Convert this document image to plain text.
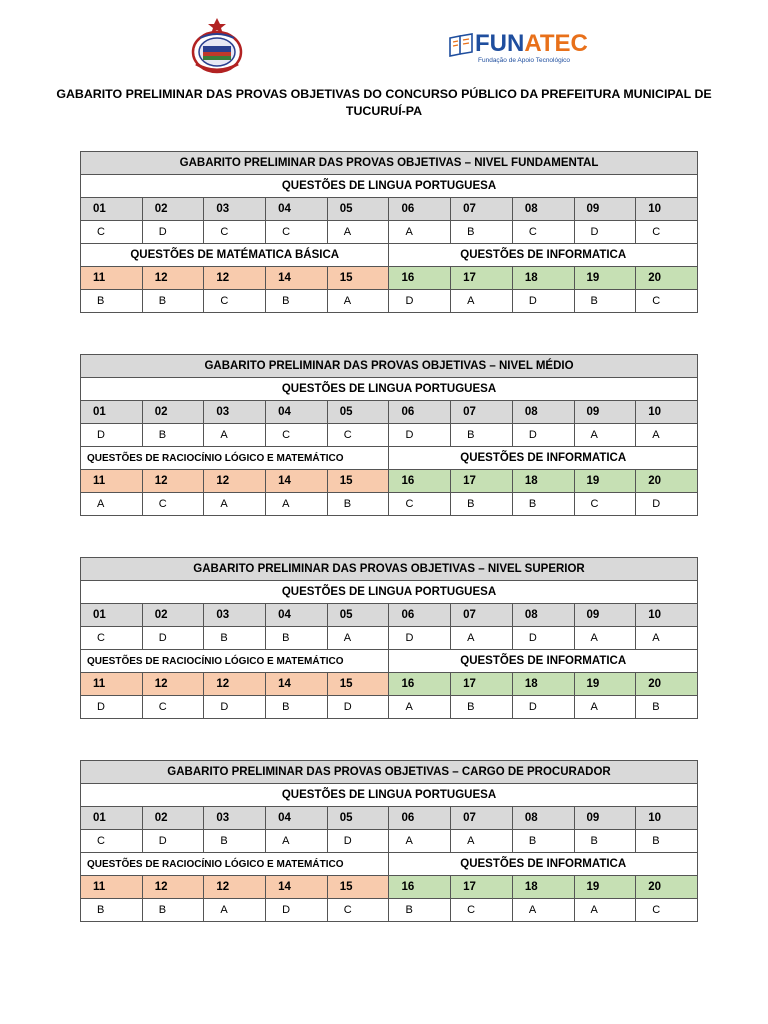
FUNATEC
Fundação de Apoio Tecnológico
GABARITO PRELIMINAR DAS PROVAS OBJETIVAS DO CONCURSO PÚBLICO DA PREFEITURA MUNICIPAL DE
TUCURUÍ-PA
GABARITO PRELIMINAR DAS PROVAS OBJETIVAS – NIVEL FUNDAMENTAL									
QUESTÕES DE LINGUA PORTUGUESA									
01	02	03	04	05	06	07	08	09	10
C	D	C	C	A	A	B	C	D	C
QUESTÕES DE MATÉMATICA BÁSICA					QUESTÕES DE INFORMATICA				
11	12	12	14	15	16	17	18	19	20
B	B	C	B	A	D	A	D	B	C
GABARITO PRELIMINAR DAS PROVAS OBJETIVAS – NIVEL MÉDIO									
QUESTÕES DE LINGUA PORTUGUESA									
01	02	03	04	05	06	07	08	09	10
D	B	A	C	C	D	B	D	A	A
QUESTÕES DE RACIOCÍNIO LÓGICO E MATEMÁTICO					QUESTÕES DE INFORMATICA				
11	12	12	14	15	16	17	18	19	20
A	C	A	A	B	C	B	B	C	D
GABARITO PRELIMINAR DAS PROVAS OBJETIVAS – NIVEL SUPERIOR									
QUESTÕES DE LINGUA PORTUGUESA									
01	02	03	04	05	06	07	08	09	10
C	D	B	B	A	D	A	D	A	A
QUESTÕES DE RACIOCÍNIO LÓGICO E MATEMÁTICO					QUESTÕES DE INFORMATICA				
11	12	12	14	15	16	17	18	19	20
D	C	D	B	D	A	B	D	A	B
GABARITO PRELIMINAR DAS PROVAS OBJETIVAS – CARGO DE PROCURADOR									
QUESTÕES DE LINGUA PORTUGUESA									
01	02	03	04	05	06	07	08	09	10
C	D	B	A	D	A	A	B	B	B
QUESTÕES DE RACIOCÍNIO LÓGICO E MATEMÁTICO					QUESTÕES DE INFORMATICA				
11	12	12	14	15	16	17	18	19	20
B	B	A	D	C	B	C	A	A	C
